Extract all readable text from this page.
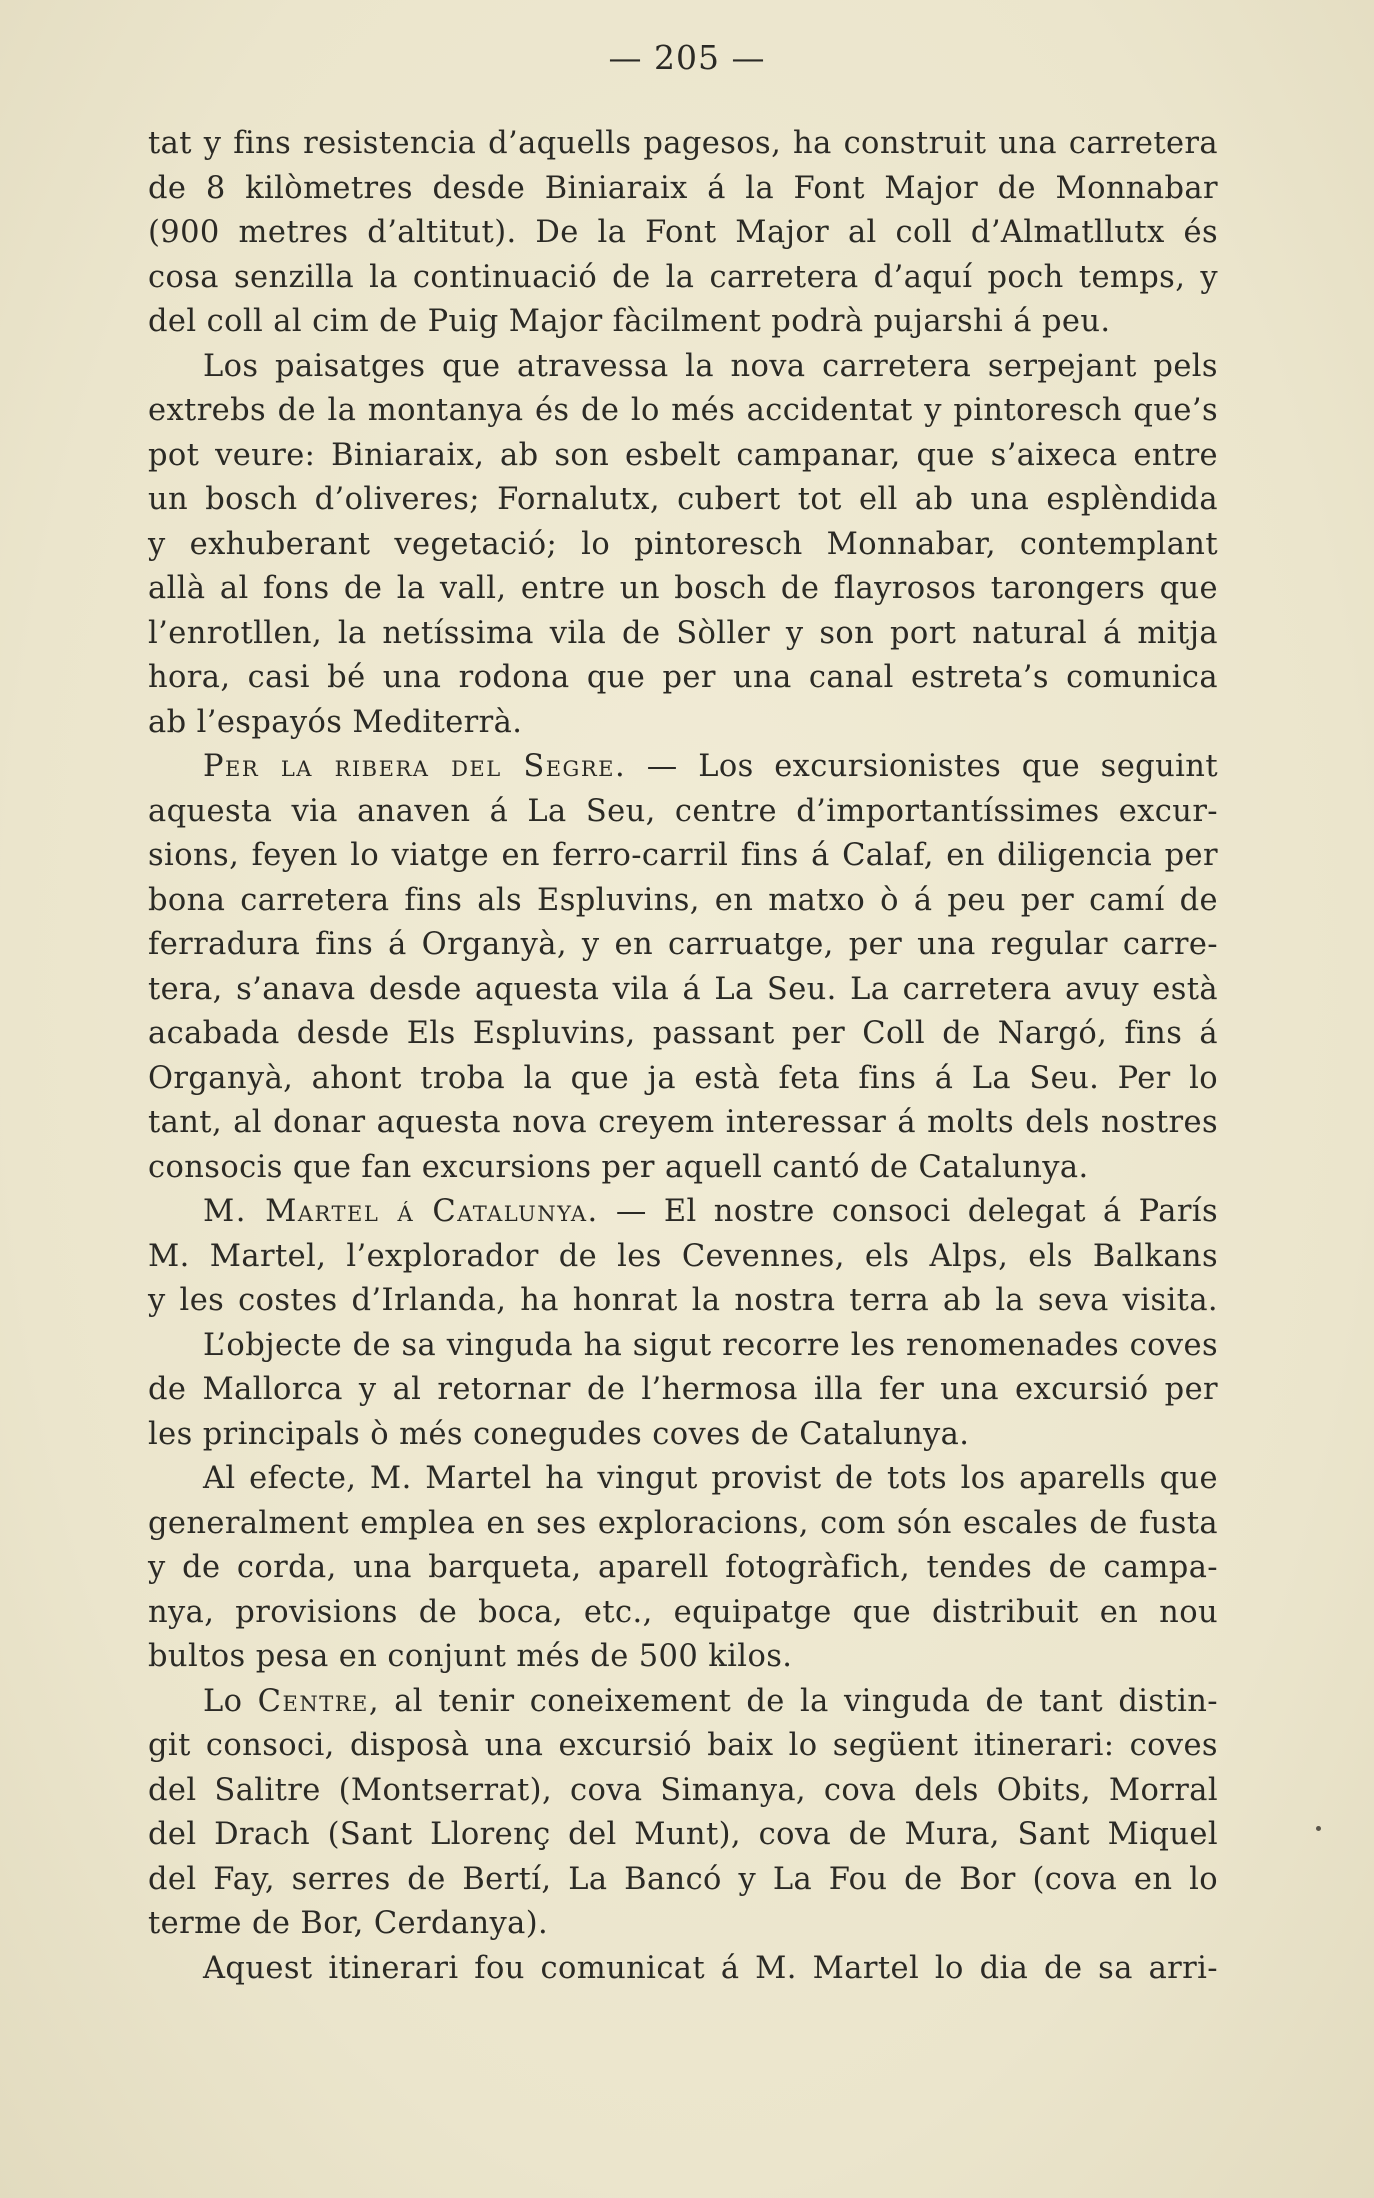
— 205 —
tat y fins resistencia d’aquells pagesos, ha construit una carretera
de 8 kilòmetres desde Biniaraix á la Font Major de Monnabar
(900 metres d’altitut). De la Font Major al coll d’Almatllutx és
cosa senzilla la continuació de la carretera d’aquí poch temps, y
del coll al cim de Puig Major fàcilment podrà pujarshi á peu.
Los paisatges que atravessa la nova carretera serpejant pels
extrebs de la montanya és de lo més accidentat y pintoresch que’s
pot veure: Biniaraix, ab son esbelt campanar, que s’aixeca entre
un bosch d’oliveres; Fornalutx, cubert tot ell ab una esplèndida
y exhuberant vegetació; lo pintoresch Monnabar, contemplant
allà al fons de la vall, entre un bosch de flayrosos tarongers que
l’enrotllen, la netíssima vila de Sòller y son port natural á mitja
hora, casi bé una rodona que per una canal estreta’s comunica
ab l’espayós Mediterrà.
Per la ribera del Segre. — Los excursionistes que seguint
aquesta via anaven á La Seu, centre d’importantíssimes excur-
sions, feyen lo viatge en ferro-carril fins á Calaf, en diligencia per
bona carretera fins als Espluvins, en matxo ò á peu per camí de
ferradura fins á Organyà, y en carruatge, per una regular carre-
tera, s’anava desde aquesta vila á La Seu. La carretera avuy està
acabada desde Els Espluvins, passant per Coll de Nargó, fins á
Organyà, ahont troba la que ja està feta fins á La Seu. Per lo
tant, al donar aquesta nova creyem interessar á molts dels nostres
consocis que fan excursions per aquell cantó de Catalunya.
M. Martel á Catalunya. — El nostre consoci delegat á París
M. Martel, l’explorador de les Cevennes, els Alps, els Balkans
y les costes d’Irlanda, ha honrat la nostra terra ab la seva visita.
L’objecte de sa vinguda ha sigut recorre les renomenades coves
de Mallorca y al retornar de l’hermosa illa fer una excursió per
les principals ò més conegudes coves de Catalunya.
Al efecte, M. Martel ha vingut provist de tots los aparells que
generalment emplea en ses exploracions, com són escales de fusta
y de corda, una barqueta, aparell fotogràfich, tendes de campa-
nya, provisions de boca, etc., equipatge que distribuit en nou
bultos pesa en conjunt més de 500 kilos.
Lo Centre, al tenir coneixement de la vinguda de tant distin-
git consoci, disposà una excursió baix lo següent itinerari: coves
del Salitre (Montserrat), cova Simanya, cova dels Obits, Morral
del Drach (Sant Llorenç del Munt), cova de Mura, Sant Miquel
del Fay, serres de Bertí, La Bancó y La Fou de Bor (cova en lo
terme de Bor, Cerdanya).
Aquest itinerari fou comunicat á M. Martel lo dia de sa arri-
